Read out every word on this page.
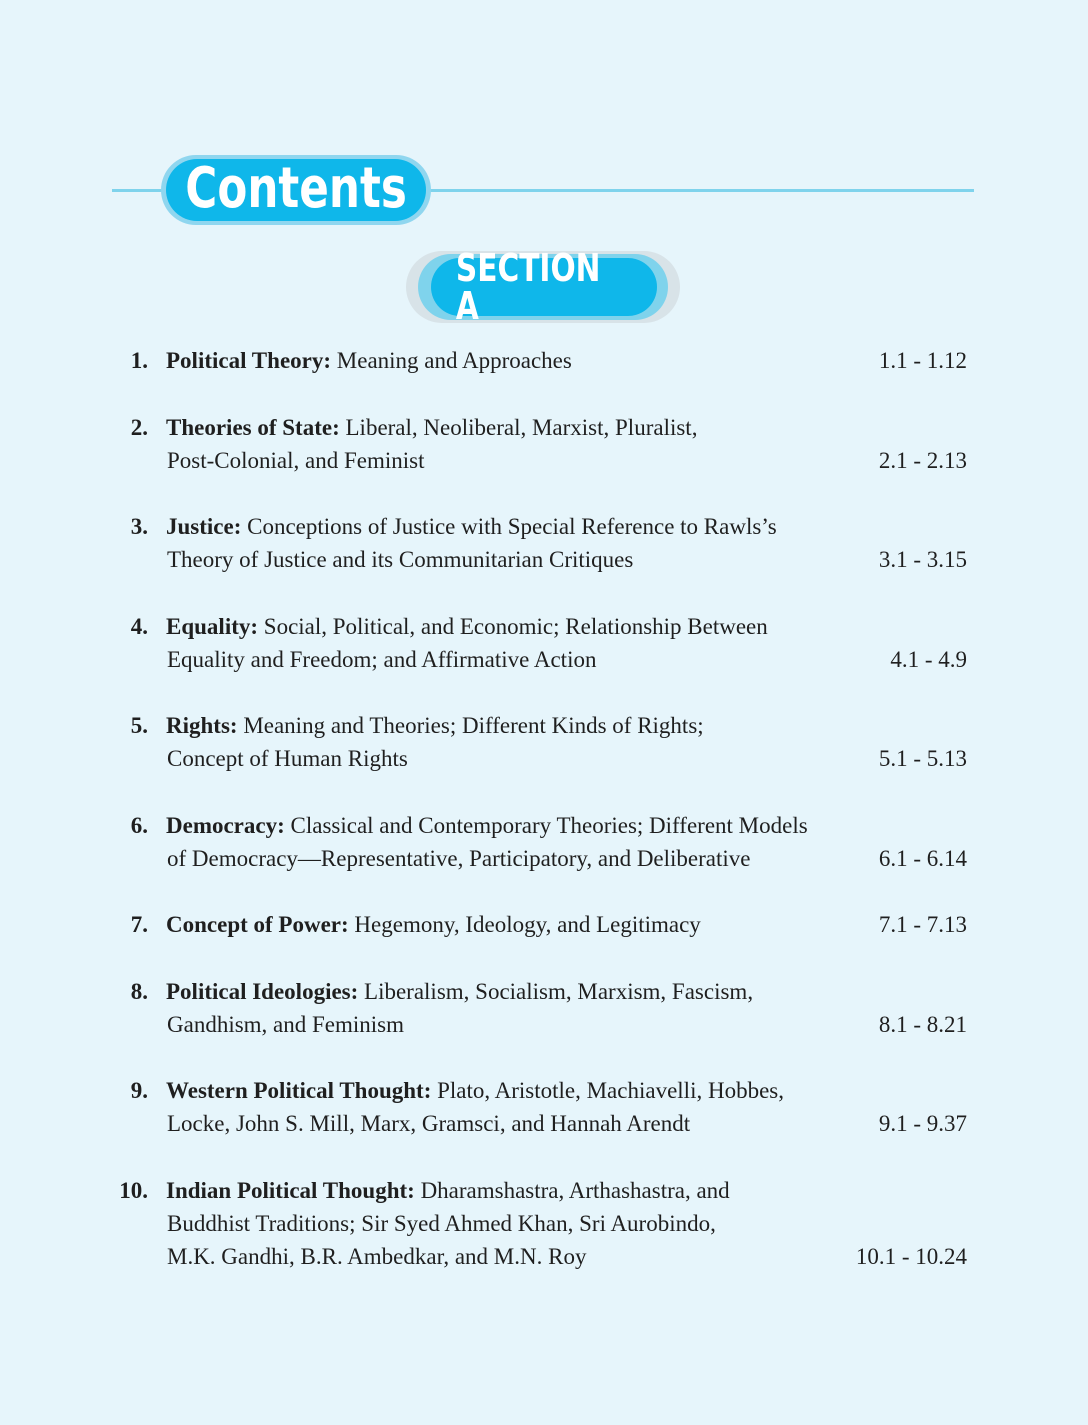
Contents
SECTION A
1. Political Theory: Meaning and Approaches	1.1 - 1.12
2. Theories of State: Liberal, Neoliberal, Marxist, Pluralist,
Post-Colonial, and Feminist	2.1 - 2.13
3. Justice: Conceptions of Justice with Special Reference to Rawls’s
Theory of Justice and its Communitarian Critiques	3.1 - 3.15
4. Equality: Social, Political, and Economic; Relationship Between
Equality and Freedom; and Affirmative Action	4.1 - 4.9
5. Rights: Meaning and Theories; Different Kinds of Rights;
Concept of Human Rights	5.1 - 5.13
6. Democracy: Classical and Contemporary Theories; Different Models
of Democracy—Representative, Participatory, and Deliberative	6.1 - 6.14
7. Concept of Power: Hegemony, Ideology, and Legitimacy	7.1 - 7.13
8. Political Ideologies: Liberalism, Socialism, Marxism, Fascism,
Gandhism, and Feminism	8.1 - 8.21
9. Western Political Thought: Plato, Aristotle, Machiavelli, Hobbes,
Locke, John S. Mill, Marx, Gramsci, and Hannah Arendt	9.1 - 9.37
10. Indian Political Thought: Dharamshastra, Arthashastra, and
Buddhist Traditions; Sir Syed Ahmed Khan, Sri Aurobindo,
M.K. Gandhi, B.R. Ambedkar, and M.N. Roy	10.1 - 10.24
